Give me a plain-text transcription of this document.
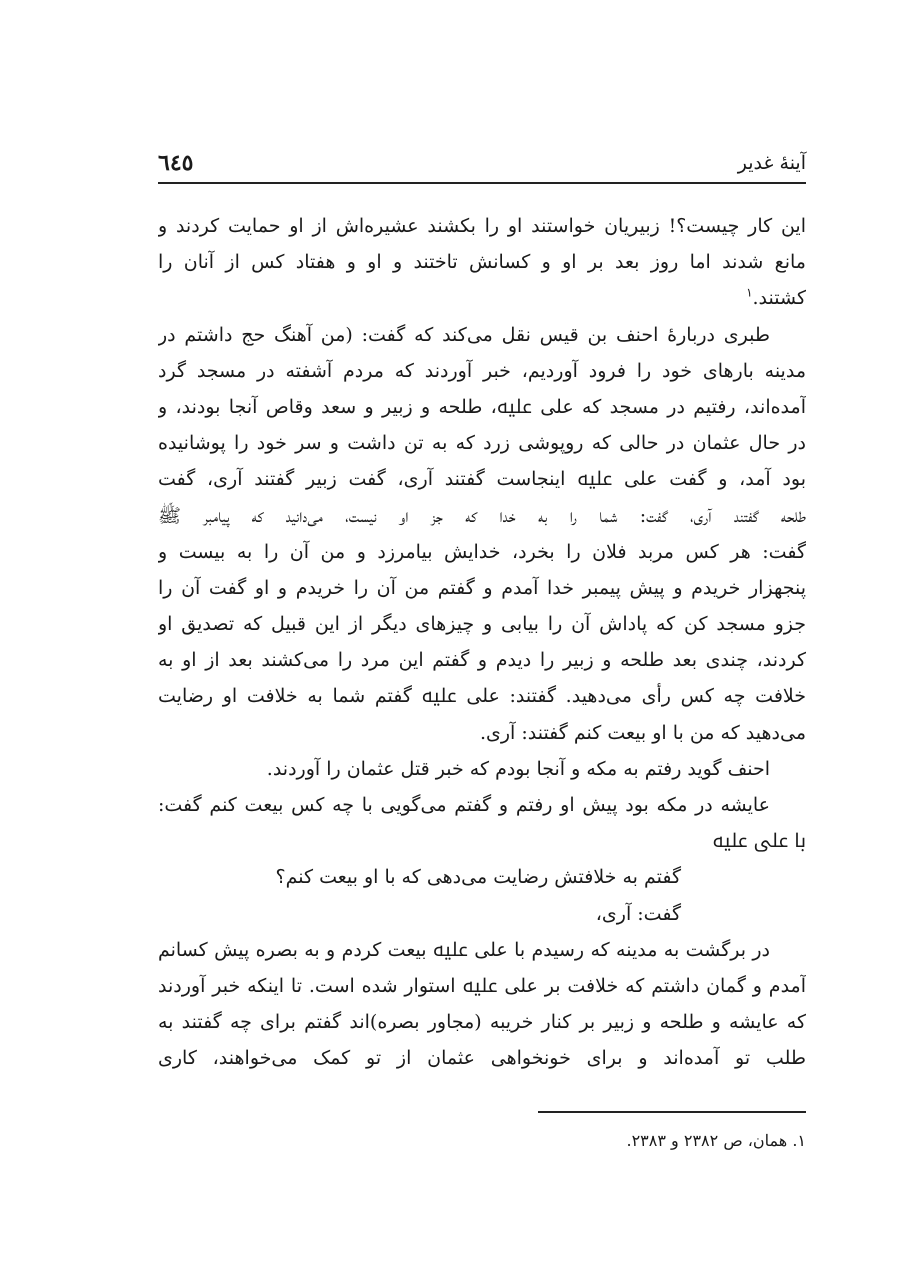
٦٤٥	آینهٔ غدیر
این کار چیست؟! زبیریان خواستند او را بکشند عشیره‌اش از او حمایت کردند و
مانع شدند اما روز بعد بر او و کسانش تاختند و او و هفتاد کس از آنان را
کشتند.$^۱$
طبری دربارهٔ احنف بن قیس نقل می‌کند که گفت: (من آهنگ حج داشتم در
مدینه بارهای خود را فرود آوردیم، خبر آوردند که مردم آشفته در مسجد گرد
آمده‌اند، رفتیم در مسجد که علی ﷷ، طلحه و زبیر و سعد وقاص آنجا بودند، و
در حال عثمان در حالی که روپوشی زرد که به تن داشت و سر خود را پوشانیده
بود آمد، و گفت علی ﷷ اینجاست گفتند آری، گفت زبیر گفتند آری، گفت
طلحه گفتند آری، گفت: شما را به خدا که جز او نیست، می‌دانید که پیامبر ﷺ
گفت: هر کس مربد فلان را بخرد، خدایش بیامرزد و من آن را به بیست و
پنجهزار خریدم و پیش پیمبر خدا آمدم و گفتم من آن را خریدم و او گفت آن را
جزو مسجد کن که پاداش آن را بیابی و چیزهای دیگر از این قبیل که تصدیق او
کردند، چندی بعد طلحه و زبیر را دیدم و گفتم این مرد را می‌کشند بعد از او به
خلافت چه کس رأی می‌دهید. گفتند: علی ﷷ گفتم شما به خلافت او رضایت
می‌دهید که من با او بیعت کنم گفتند: آری.
احنف گوید رفتم به مکه و آنجا بودم که خبر قتل عثمان را آوردند.
عایشه در مکه بود پیش او رفتم و گفتم می‌گویی با چه کس بیعت کنم گفت:
با علی ﷷ
گفتم به خلافتش رضایت می‌دهی که با او بیعت کنم؟
گفت: آری،
در برگشت به مدینه که رسیدم با علی ﷷ بیعت کردم و به بصره پیش کسانم
آمدم و گمان داشتم که خلافت بر علی ﷷ استوار شده است. تا اینکه خبر آوردند
که عایشه و طلحه و زبیر بر کنار خریبه (مجاور بصره)اند گفتم برای چه گفتند به
طلب تو آمده‌اند و برای خونخواهی عثمان از تو کمک می‌خواهند، کاری
۱. همان، ص ۲۳۸۲ و ۲۳۸۳.
